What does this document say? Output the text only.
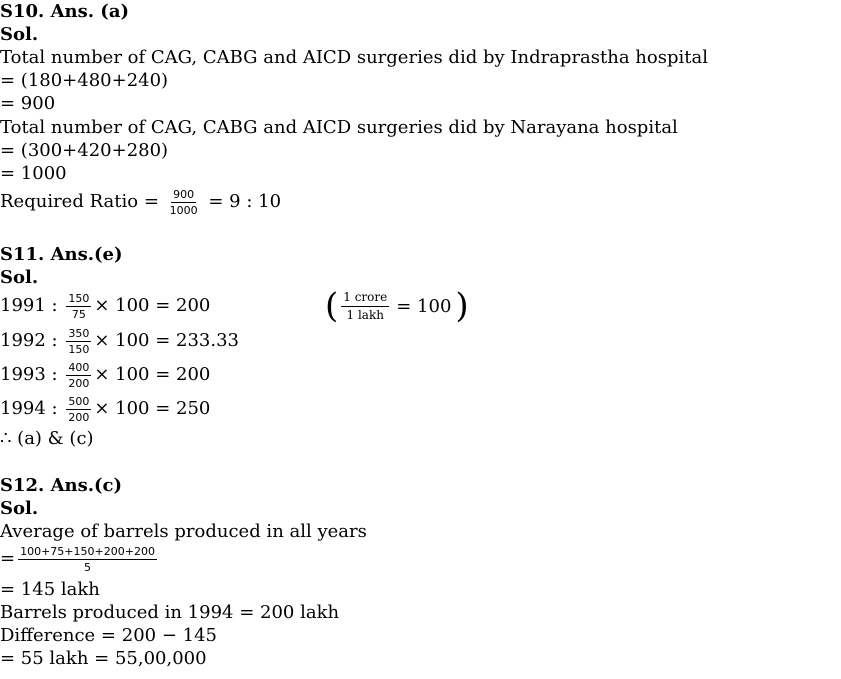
S10. Ans. (a)
Sol.
Total number of CAG, CABG and AICD surgeries did by Indraprastha hospital
= (180+480+240)
= 900
Total number of CAG, CABG and AICD surgeries did by Narayana hospital
= (300+420+280)
= 1000
Required Ratio = $\frac{900}{1000} = 9$ : 10
S11. Ans.(e)
Sol.
1991 : $\frac{150}{75} \times 100 = 200$
1992 : $\frac{350}{150} \times 100 = 233.33$
1993 : $\frac{400}{200} \times 100 = 200$
1994 : $\frac{500}{200} \times 100 = 250$
( $\frac{\text{1 crore}}{\text{1 lakh}} = 100$ )
∴ (a) & (c)
S12. Ans.(c)
Sol.
Average of barrels produced in all years
= $\frac{100+75+150+200+200}{5}$
= 145 lakh
Barrels produced in 1994 = 200 lakh
Difference = 200 − 145
= 55 lakh = 55,00,000
